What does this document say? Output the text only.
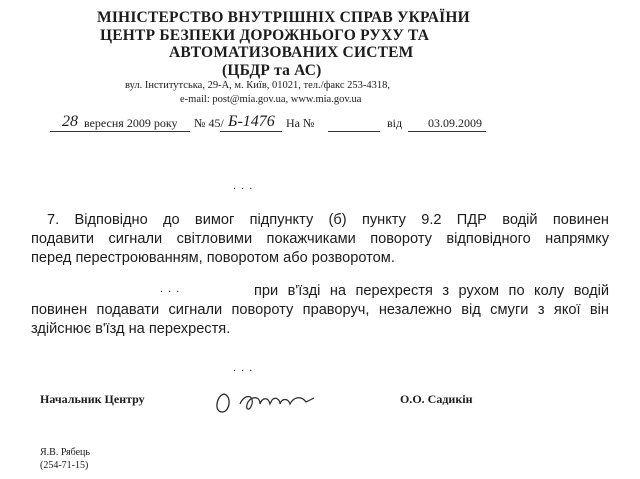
МІНІСТЕРСТВО ВНУТРІШНІХ СПРАВ УКРАЇНИ
ЦЕНТР БЕЗПЕКИ ДОРОЖНЬОГО РУХУ ТА
АВТОМАТИЗОВАНИХ СИСТЕМ
(ЦБДР та АС)
вул. Інститутська, 29-А, м. Київ, 01021, тел./факс 253-4318,
e-mail: post@mia.gov.ua, www.mia.gov.ua
28 вересня 2009 року № 45/ Б-1476 На №	від 03.09.2009
. . .
7. Відповідно до вимог підпункту (б) пункту 9.2 ПДР водій повинен
подавити сигнали світловими покажчиками повороту відповідного напрямку
перед перестроюванням, поворотом або розворотом.
. . .	при в'їзді на перехрестя з рухом по колу водій
повинен подавати сигнали повороту праворуч, незалежно від смуги з якої він
здійснює в'їзд на перехрестя.
. . .
Начальник Центру	О.О. Садикін
Я.В. Рябець
(254-71-15)
